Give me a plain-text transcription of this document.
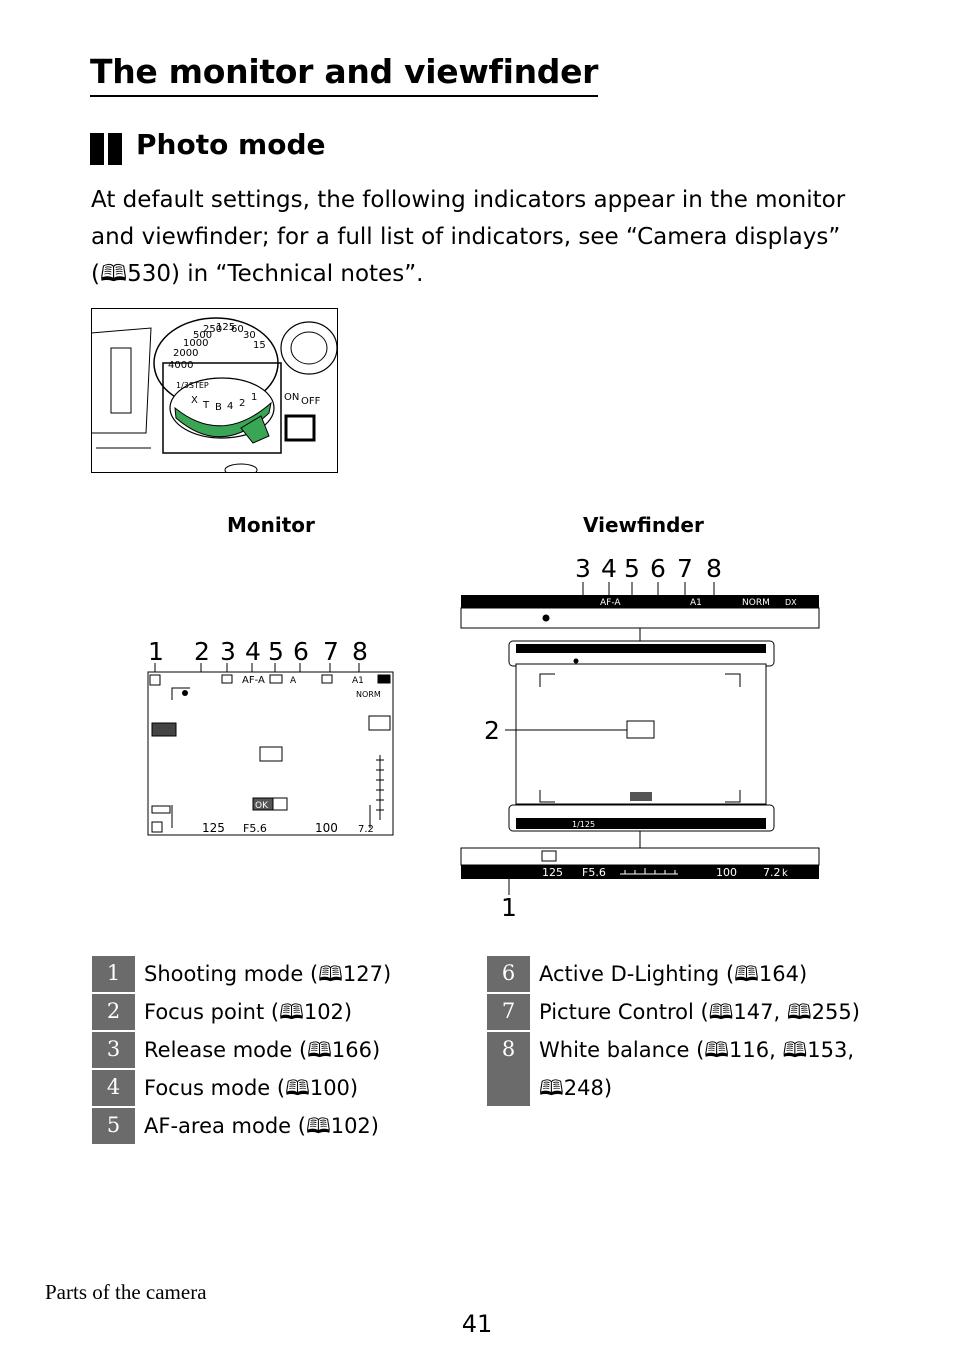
The monitor and viewfinder
Photo mode

At default settings, the following indicators appear in the monitor and viewfinder; for a full list of indicators, see “Camera displays” (🕮530) in “Technical notes”.

4000
2000
1000
500
250
125
60
30
15
1/3STEP
X T B 4 2
1	ON OFF
Monitor	Viewfinder
1 2 3 4 5 6 7 8
AF-A	A	A1
NORM
OK
125 F5.6	100 7.2
3 4 5 6 7 8
AF-A	A1	NORM DX
2
1/125
125 F5.6	100 7.2 k
1
1	Shooting mode (🕮127)
2	Focus point (🕮102)
3	Release mode (🕮166)
4	Focus mode (🕮100)
5	AF-area mode (🕮102)
6	Active D-Lighting (🕮164)
7	Picture Control (🕮147, 🕮255)
8	White balance (🕮116, 🕮153,
🕮248)
Parts of the camera
41
